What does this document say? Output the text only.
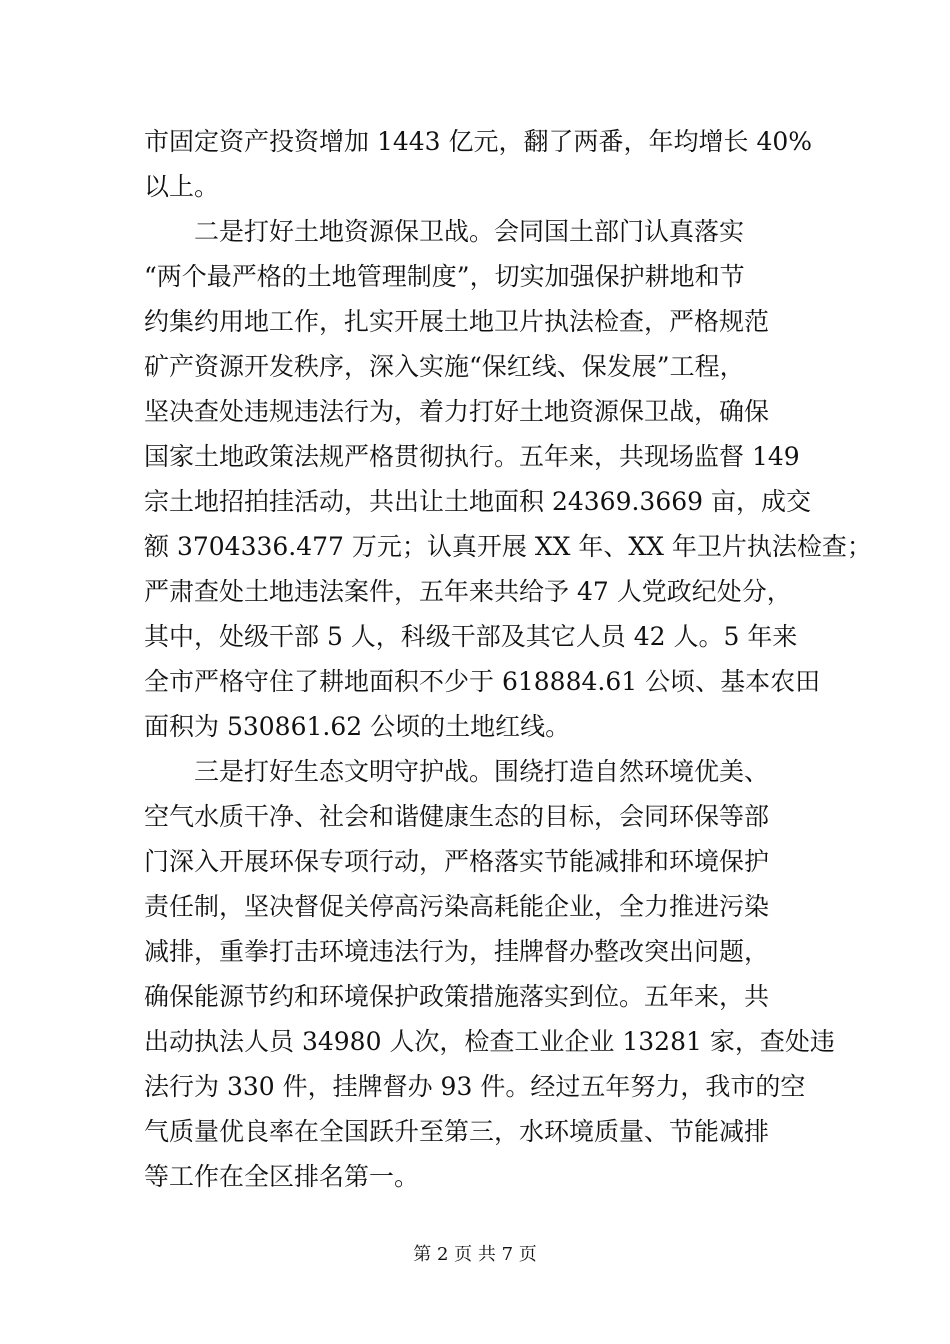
市固定资产投资增加 1443 亿元，翻了两番，年均增长 40%
以上。
二是打好土地资源保卫战。会同国土部门认真落实
“两个最严格的土地管理制度”，切实加强保护耕地和节
约集约用地工作，扎实开展土地卫片执法检查，严格规范
矿产资源开发秩序，深入实施“保红线、保发展”工程，
坚决查处违规违法行为，着力打好土地资源保卫战，确保
国家土地政策法规严格贯彻执行。五年来，共现场监督 149
宗土地招拍挂活动，共出让土地面积 24369.3669 亩，成交
额 3704336.477 万元；认真开展 XX 年、XX 年卫片执法检查；
严肃查处土地违法案件，五年来共给予 47 人党政纪处分，
其中，处级干部 5 人，科级干部及其它人员 42 人。5 年来
全市严格守住了耕地面积不少于 618884.61 公顷、基本农田
面积为 530861.62 公顷的土地红线。
三是打好生态文明守护战。围绕打造自然环境优美、
空气水质干净、社会和谐健康生态的目标，会同环保等部
门深入开展环保专项行动，严格落实节能减排和环境保护
责任制，坚决督促关停高污染高耗能企业，全力推进污染
减排，重拳打击环境违法行为，挂牌督办整改突出问题，
确保能源节约和环境保护政策措施落实到位。五年来，共
出动执法人员 34980 人次，检查工业企业 13281 家，查处违
法行为 330 件，挂牌督办 93 件。经过五年努力，我市的空
气质量优良率在全国跃升至第三，水环境质量、节能减排
等工作在全区排名第一。
第 2 页 共 7 页
